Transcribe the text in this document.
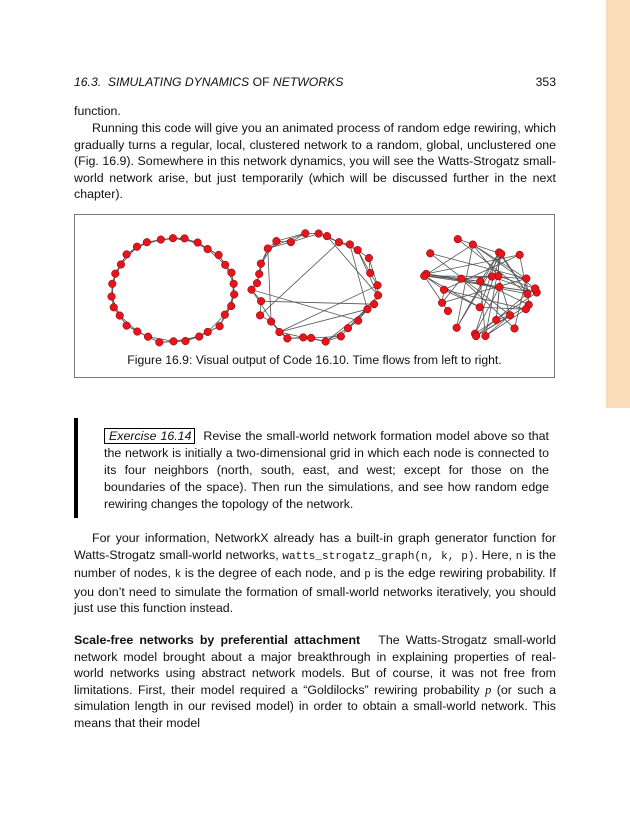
16.3. SIMULATING DYNAMICS OF NETWORKS	353

function.

Running this code will give you an animated process of random edge rewiring, which gradually turns a regular, local, clustered network to a random, global, unclustered one (Fig. 16.9). Somewhere in this network dynamics, you will see the Watts-Strogatz small-world network arise, but just temporarily (which will be discussed further in the next chapter).

Figure 16.9: Visual output of Code 16.10. Time flows from left to right.

Exercise 16.14 Revise the small-world network formation model above so that the network is initially a two-dimensional grid in which each node is connected to its four neighbors (north, south, east, and west; except for those on the boundaries of the space). Then run the simulations, and see how random edge rewiring changes the topology of the network.

For your information, NetworkX already has a built-in graph generator function for Watts-Strogatz small-world networks, watts_strogatz_graph(n, k, p). Here, n is the number of nodes, k is the degree of each node, and p is the edge rewiring probability. If you don’t need to simulate the formation of small-world networks iteratively, you should just use this function instead.

Scale-free networks by preferential attachment The Watts-Strogatz small-world network model brought about a major breakthrough in explaining properties of real-world networks using abstract network models. But of course, it was not free from limitations. First, their model required a “Goldilocks” rewiring probability p (or such a simulation length in our revised model) in order to obtain a small-world network. This means that their model
